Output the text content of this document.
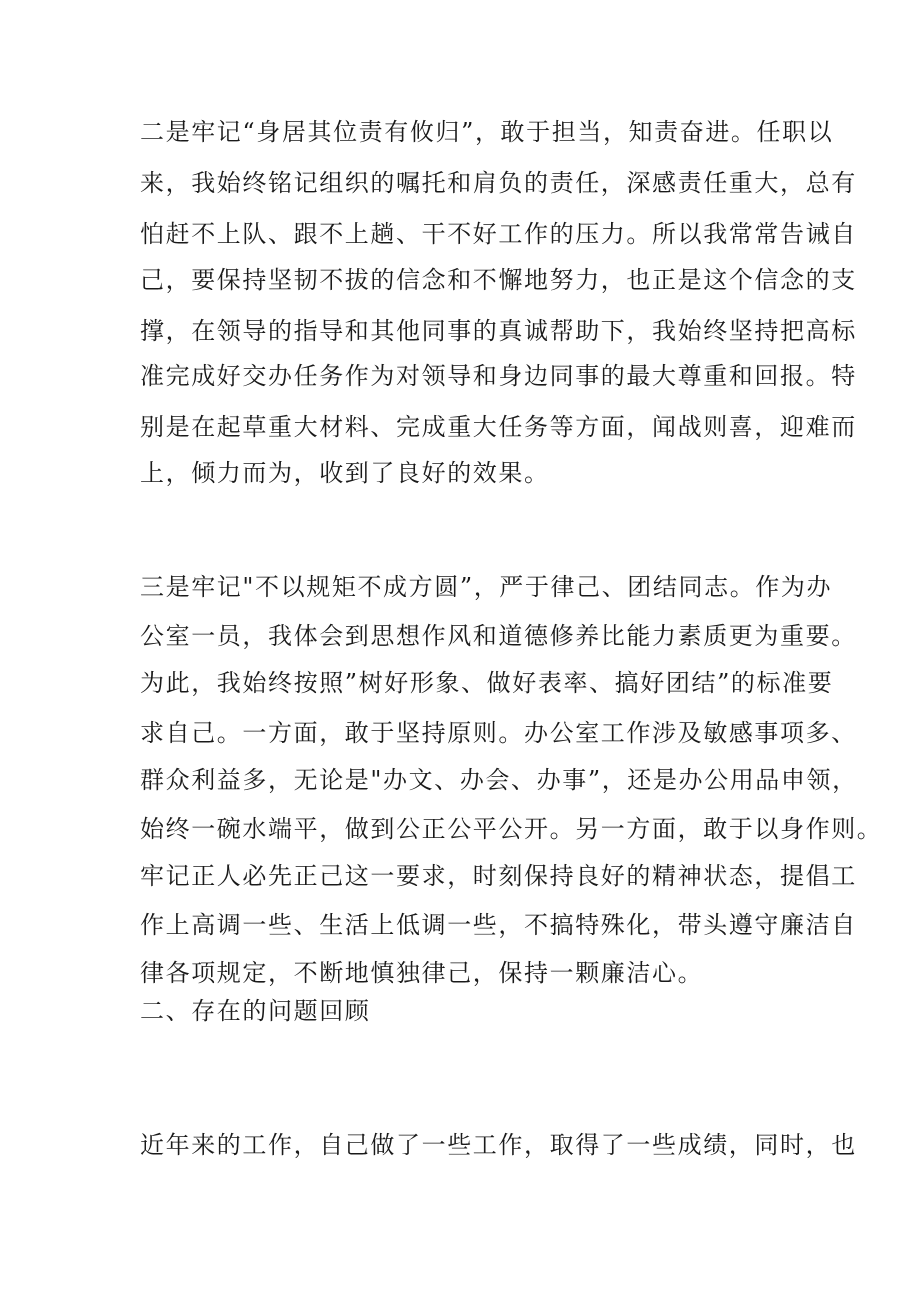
二是牢记“身居其位责有攸归”，敢于担当，知责奋进。任职以

来，我始终铭记组织的嘱托和肩负的责任，深感责任重大，总有

怕赶不上队、跟不上趟、干不好工作的压力。所以我常常告诫自

己，要保持坚韧不拔的信念和不懈地努力，也正是这个信念的支

撑，在领导的指导和其他同事的真诚帮助下，我始终坚持把高标

准完成好交办任务作为对领导和身边同事的最大尊重和回报。特

别是在起草重大材料、完成重大任务等方面，闻战则喜，迎难而

上，倾力而为，收到了良好的效果。

三是牢记"不以规矩不成方圆”，严于律己、团结同志。作为办

公室一员，我体会到思想作风和道德修养比能力素质更为重要。

为此，我始终按照”树好形象、做好表率、搞好团结”的标准要

求自己。一方面，敢于坚持原则。办公室工作涉及敏感事项多、

群众利益多，无论是"办文、办会、办事”，还是办公用品申领，

始终一碗水端平，做到公正公平公开。另一方面，敢于以身作则。

牢记正人必先正己这一要求，时刻保持良好的精神状态，提倡工

作上高调一些、生活上低调一些，不搞特殊化，带头遵守廉洁自

律各项规定，不断地慎独律己，保持一颗廉洁心。

二、存在的问题回顾

近年来的工作，自己做了一些工作，取得了一些成绩，同时，也
